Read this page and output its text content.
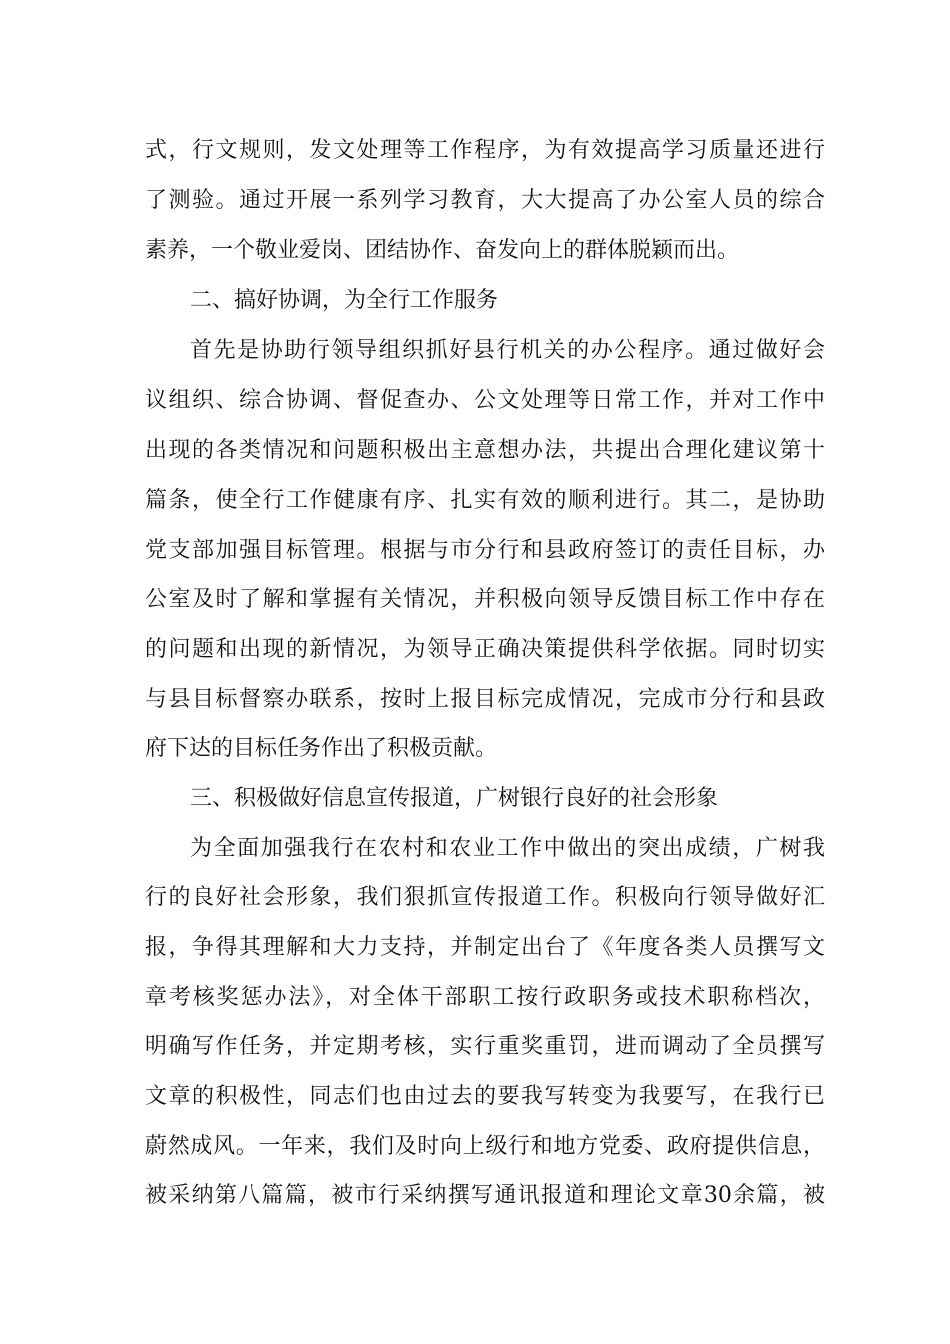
式，行文规则，发文处理等工作程序，为有效提高学习质量还进行
了测验。通过开展一系列学习教育，大大提高了办公室人员的综合
素养，一个敬业爱岗、团结协作、奋发向上的群体脱颖而出。
二、搞好协调，为全行工作服务
首先是协助行领导组织抓好县行机关的办公程序。通过做好会
议组织、综合协调、督促查办、公文处理等日常工作，并对工作中
出现的各类情况和问题积极出主意想办法，共提出合理化建议第十
篇条，使全行工作健康有序、扎实有效的顺利进行。其二，是协助
党支部加强目标管理。根据与市分行和县政府签订的责任目标，办
公室及时了解和掌握有关情况，并积极向领导反馈目标工作中存在
的问题和出现的新情况，为领导正确决策提供科学依据。同时切实
与县目标督察办联系，按时上报目标完成情况，完成市分行和县政
府下达的目标任务作出了积极贡献。
三、积极做好信息宣传报道，广树银行良好的社会形象
为全面加强我行在农村和农业工作中做出的突出成绩，广树我
行的良好社会形象，我们狠抓宣传报道工作。积极向行领导做好汇
报，争得其理解和大力支持，并制定出台了《年度各类人员撰写文
章考核奖惩办法》，对全体干部职工按行政职务或技术职称档次，
明确写作任务，并定期考核，实行重奖重罚，进而调动了全员撰写
文章的积极性，同志们也由过去的要我写转变为我要写，在我行已
蔚然成风。一年来，我们及时向上级行和地方党委、政府提供信息，
被采纳第八篇篇，被市行采纳撰写通讯报道和理论文章30余篇，被
